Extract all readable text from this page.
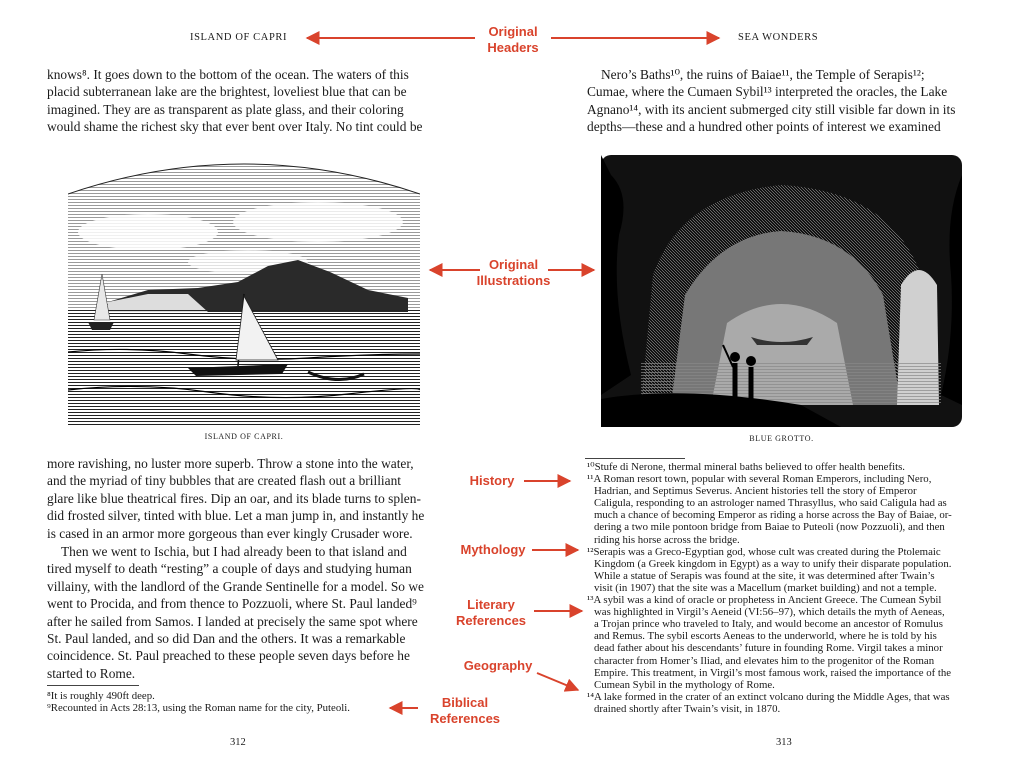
ISLAND OF CAPRI	SEA WONDERS
Original
Headers
Original
Illustrations
History
Mythology
Literary
References
Geography
Biblical
References

knows⁸. It goes down to the bottom of the ocean. The waters of this

placid subterranean lake are the brightest, loveliest blue that can be

imagined. They are as transparent as plate glass, and their coloring

would shame the richest sky that ever bent over Italy. No tint could be

ISLAND OF CAPRI.

more ravishing, no luster more superb. Throw a stone into the water,

and the myriad of tiny bubbles that are created flash out a brilliant

glare like blue theatrical fires. Dip an oar, and its blade turns to splen-

did frosted silver, tinted with blue. Let a man jump in, and instantly he

is cased in an armor more gorgeous than ever kingly Crusader wore.

Then we went to Ischia, but I had already been to that island and

tired myself to death “resting” a couple of days and studying human

villainy, with the landlord of the Grande Sentinelle for a model. So we

went to Procida, and from thence to Pozzuoli, where St. Paul landed⁹

after he sailed from Samos. I landed at precisely the same spot where

St. Paul landed, and so did Dan and the others. It was a remarkable

coincidence. St. Paul preached to these people seven days before he

started to Rome.

⁸It is roughly 490ft deep.

⁹Recounted in Acts 28:13, using the Roman name for the city, Puteoli.

312

Nero’s Baths¹⁰, the ruins of Baiae¹¹, the Temple of Serapis¹²;

Cumae, where the Cumaen Sybil¹³ interpreted the oracles, the Lake

Agnano¹⁴, with its ancient submerged city still visible far down in its

depths—these and a hundred other points of interest we examined

BLUE GROTTO.

¹⁰Stufe di Nerone, thermal mineral baths believed to offer health benefits.

¹¹A Roman resort town, popular with several Roman Emperors, including Nero,

Hadrian, and Septimus Severus. Ancient histories tell the story of Emperor

Caligula, responding to an astrologer named Thrasyllus, who said Caligula had as

much a chance of becoming Emperor as riding a horse across the Bay of Baiae, or-

dering a two mile pontoon bridge from Baiae to Puteoli (now Pozzuoli), and then

riding his horse across the bridge.

¹²Serapis was a Greco-Egyptian god, whose cult was created during the Ptolemaic

Kingdom (a Greek kingdom in Egypt) as a way to unify their disparate population.

While a statue of Serapis was found at the site, it was determined after Twain’s

visit (in 1907) that the site was a Macellum (market building) and not a temple.

¹³A sybil was a kind of oracle or prophetess in Ancient Greece. The Cumean Sybil

was highlighted in Virgil’s Aeneid (VI:56–97), which details the myth of Aeneas,

a Trojan prince who traveled to Italy, and would become an ancestor of Romulus

and Remus. The sybil escorts Aeneas to the underworld, where he is told by his

dead father about his descendants’ future in founding Rome. Virgil takes a minor

character from Homer’s Iliad, and elevates him to the progenitor of the Roman

Empire. This treatment, in Virgil’s most famous work, raised the importance of the

Cumean Sybil in the mythology of Rome.

¹⁴A lake formed in the crater of an extinct volcano during the Middle Ages, that was

drained shortly after Twain’s visit, in 1870.

313
